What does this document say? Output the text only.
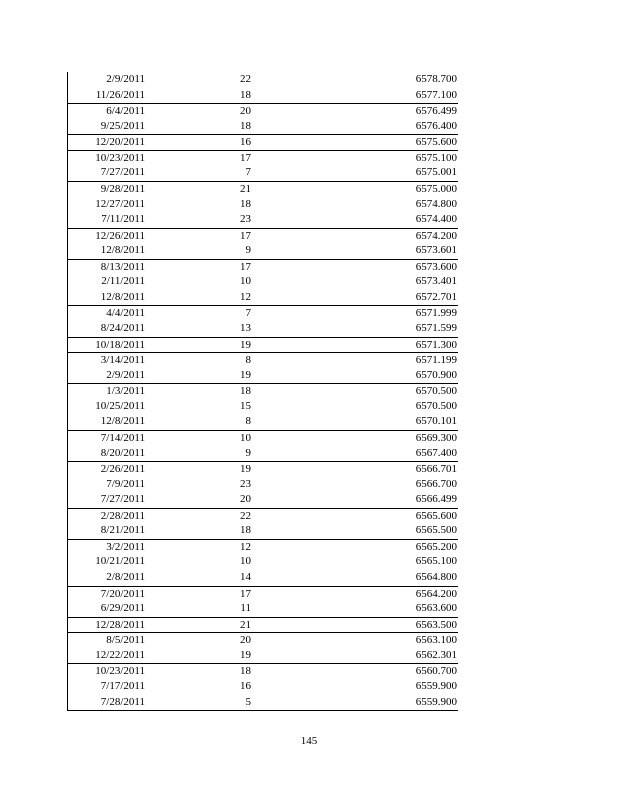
2/9/2011	22	6578.700
11/26/2011	18	6577.100
6/4/2011	20	6576.499
9/25/2011	18	6576.400
12/20/2011	16	6575.600
10/23/2011	17	6575.100
7/27/2011	7	6575.001
9/28/2011	21	6575.000
12/27/2011	18	6574.800
7/11/2011	23	6574.400
12/26/2011	17	6574.200
12/8/2011	9	6573.601
8/13/2011	17	6573.600
2/11/2011	10	6573.401
12/8/2011	12	6572.701
4/4/2011	7	6571.999
8/24/2011	13	6571.599
10/18/2011	19	6571.300
3/14/2011	8	6571.199
2/9/2011	19	6570.900
1/3/2011	18	6570.500
10/25/2011	15	6570.500
12/8/2011	8	6570.101
7/14/2011	10	6569.300
8/20/2011	9	6567.400
2/26/2011	19	6566.701
7/9/2011	23	6566.700
7/27/2011	20	6566.499
2/28/2011	22	6565.600
8/21/2011	18	6565.500
3/2/2011	12	6565.200
10/21/2011	10	6565.100
2/8/2011	14	6564.800
7/20/2011	17	6564.200
6/29/2011	11	6563.600
12/28/2011	21	6563.500
8/5/2011	20	6563.100
12/22/2011	19	6562.301
10/23/2011	18	6560.700
7/17/2011	16	6559.900
7/28/2011	5	6559.900
145
